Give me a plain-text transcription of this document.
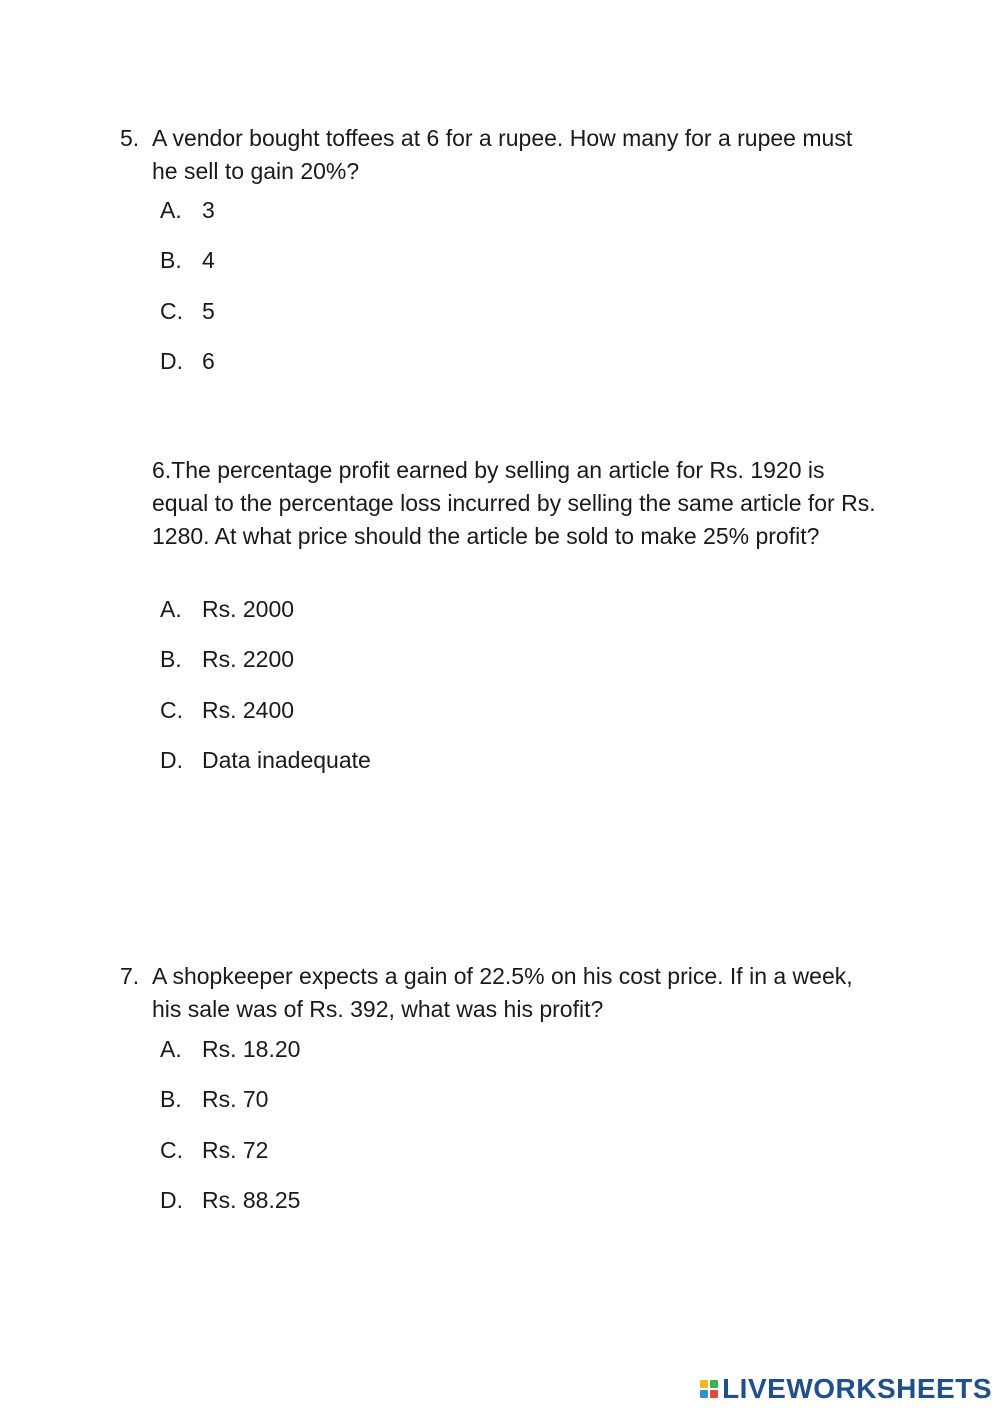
5. A vendor bought toffees at 6 for a rupee. How many for a rupee must he sell to gain 20%?
A. 3
B. 4
C. 5
D. 6
6.The percentage profit earned by selling an article for Rs. 1920 is equal to the percentage loss incurred by selling the same article for Rs. 1280. At what price should the article be sold to make 25% profit?
A. Rs. 2000
B. Rs. 2200
C. Rs. 2400
D. Data inadequate
7. A shopkeeper expects a gain of 22.5% on his cost price. If in a week, his sale was of Rs. 392, what was his profit?
A. Rs. 18.20
B. Rs. 70
C. Rs. 72
D. Rs. 88.25
LIVEWORKSHEETS
